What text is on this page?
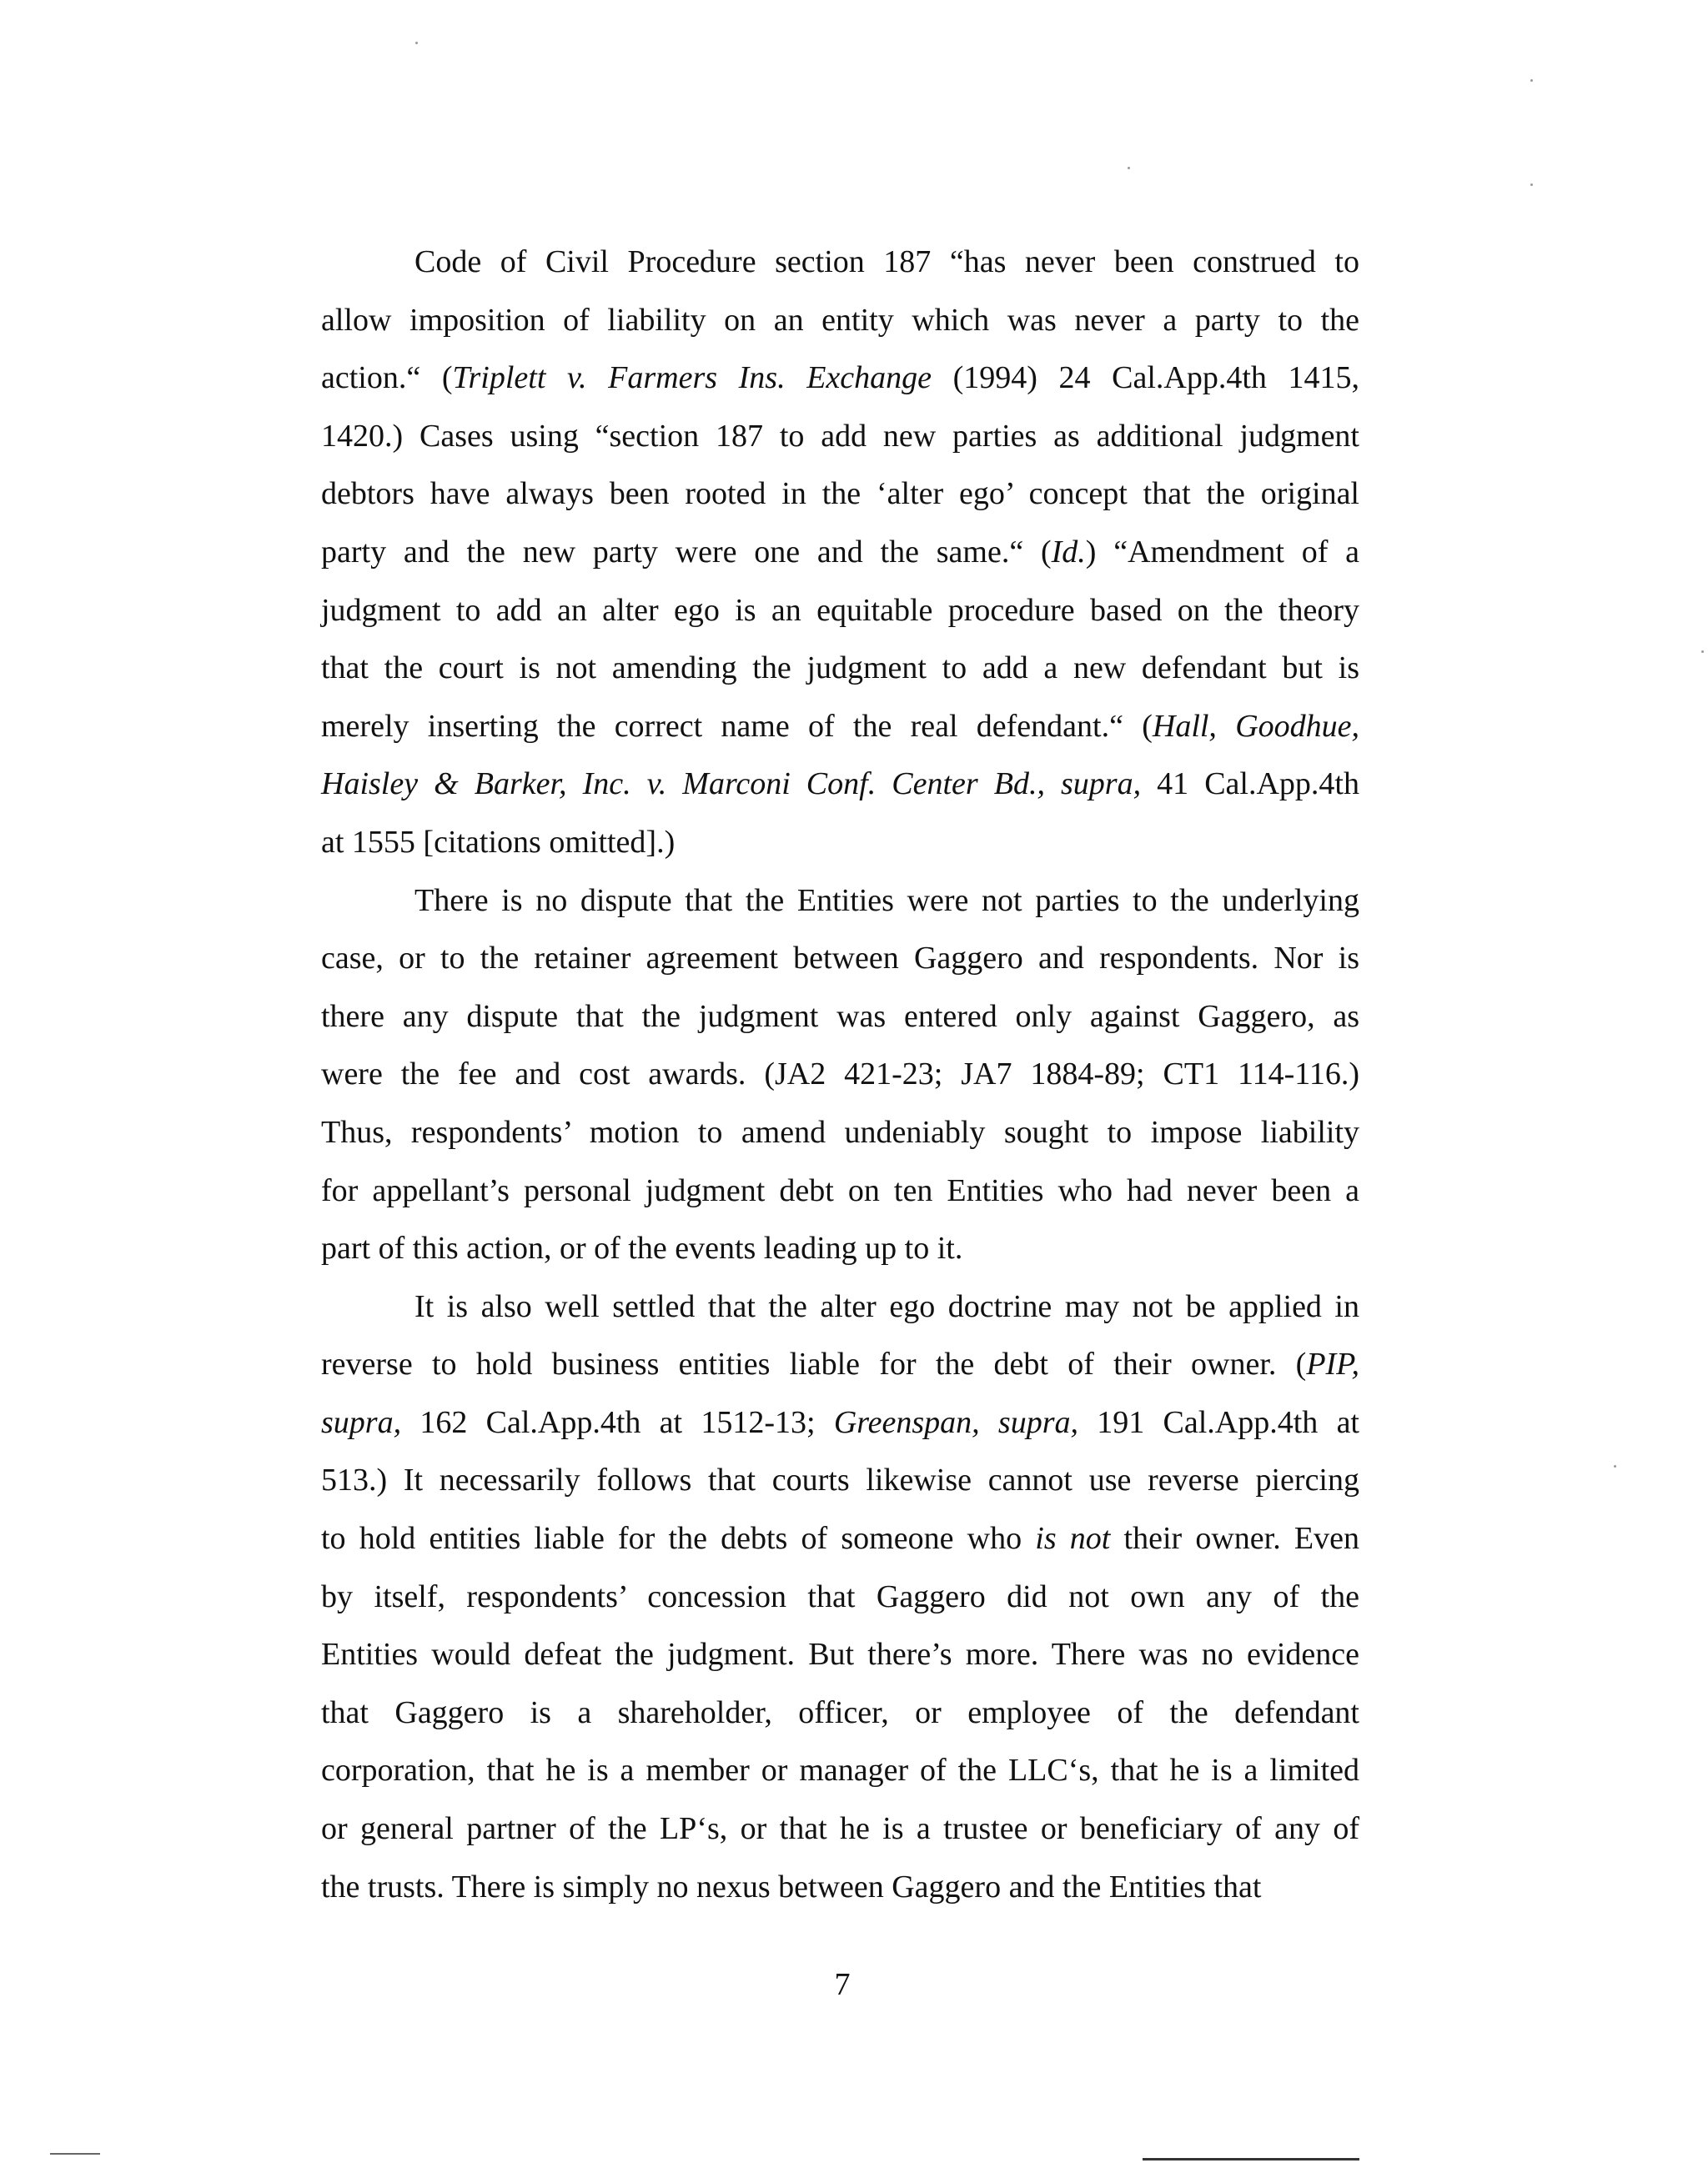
Code of Civil Procedure section 187 “has never been construed to
allow imposition of liability on an entity which was never a party to the
action.“ (Triplett v. Farmers Ins. Exchange (1994) 24 Cal.App.4th 1415,
1420.) Cases using “section 187 to add new parties as additional judgment
debtors have always been rooted in the ‘alter ego’ concept that the original
party and the new party were one and the same.“ (Id.) “Amendment of a
judgment to add an alter ego is an equitable procedure based on the theory
that the court is not amending the judgment to add a new defendant but is
merely inserting the correct name of the real defendant.“ (Hall, Goodhue,
Haisley & Barker, Inc. v. Marconi Conf. Center Bd., supra, 41 Cal.App.4th
at 1555 [citations omitted].)
There is no dispute that the Entities were not parties to the underlying
case, or to the retainer agreement between Gaggero and respondents. Nor is
there any dispute that the judgment was entered only against Gaggero, as
were the fee and cost awards. (JA2 421-23; JA7 1884-89; CT1 114-116.)
Thus, respondents’ motion to amend undeniably sought to impose liability
for appellant’s personal judgment debt on ten Entities who had never been a
part of this action, or of the events leading up to it.
It is also well settled that the alter ego doctrine may not be applied in
reverse to hold business entities liable for the debt of their owner. (PIP,
supra, 162 Cal.App.4th at 1512-13; Greenspan, supra, 191 Cal.App.4th at
513.) It necessarily follows that courts likewise cannot use reverse piercing
to hold entities liable for the debts of someone who is not their owner. Even
by itself, respondents’ concession that Gaggero did not own any of the
Entities would defeat the judgment. But there’s more. There was no evidence
that Gaggero is a shareholder, officer, or employee of the defendant
corporation, that he is a member or manager of the LLC‘s, that he is a limited
or general partner of the LP‘s, or that he is a trustee or beneficiary of any of
the trusts. There is simply no nexus between Gaggero and the Entities that
7
